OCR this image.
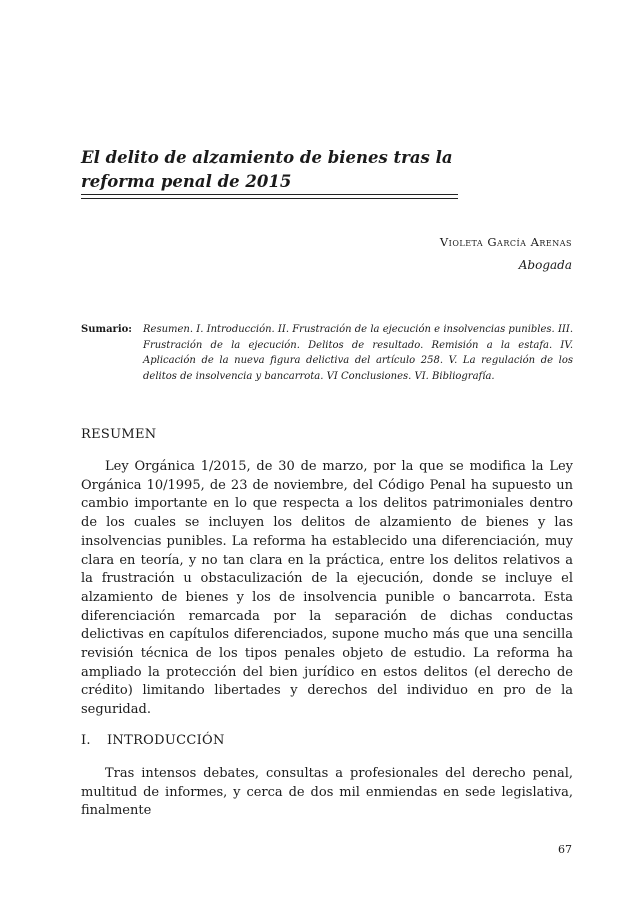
El delito de alzamiento de bienes tras la
reforma penal de 2015
Violeta García Arenas
Abogada
Sumario: Resumen. I. Introducción. II. Frustración de la ejecución e insolvencias punibles. III. Frustración de la ejecución. Delitos de resultado. Remisión a la estafa. IV. Aplicación de la nueva figura delictiva del artículo 258. V. La regulación de los delitos de insolvencia y bancarrota. VI Conclusiones. VI. Bibliografía.
RESUMEN

Ley Orgánica 1/2015, de 30 de marzo, por la que se modifica la Ley Orgánica 10/1995, de 23 de noviembre, del Código Penal ha supuesto un cambio importante en lo que respecta a los delitos patrimoniales dentro de los cuales se incluyen los delitos de alzamiento de bienes y las insolvencias punibles. La reforma ha establecido una diferenciación, muy clara en teoría, y no tan clara en la práctica, entre los delitos relativos a la frustración u obstaculización de la ejecución, donde se incluye el alzamiento de bienes y los de insolvencia punible o bancarrota. Esta diferenciación remarcada por la separación de dichas conductas delictivas en capítulos diferenciados, supone mucho más que una sencilla revisión técnica de los tipos penales objeto de estudio. La reforma ha ampliado la protección del bien jurídico en estos delitos (el derecho de crédito) limitando libertades y derechos del individuo en pro de la seguridad.

I. INTRODUCCIÓN

Tras intensos debates, consultas a profesionales del derecho penal, multitud de informes, y cerca de dos mil enmiendas en sede legislativa, finalmente

67
